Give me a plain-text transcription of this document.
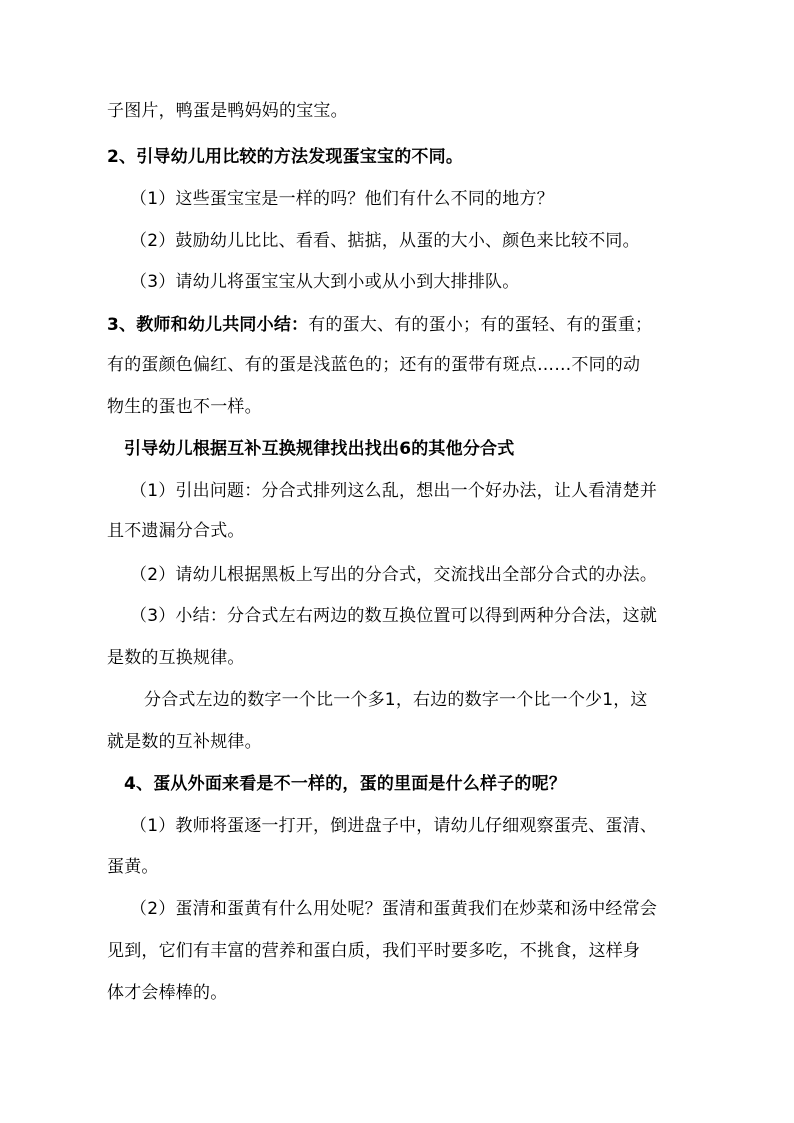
子图片，鸭蛋是鸭妈妈的宝宝。
2、引导幼儿用比较的方法发现蛋宝宝的不同。
（1）这些蛋宝宝是一样的吗？他们有什么不同的地方？
（2）鼓励幼儿比比、看看、掂掂，从蛋的大小、颜色来比较不同。
（3）请幼儿将蛋宝宝从大到小或从小到大排排队。
3、教师和幼儿共同小结：有的蛋大、有的蛋小；有的蛋轻、有的蛋重；
有的蛋颜色偏红、有的蛋是浅蓝色的；还有的蛋带有斑点……不同的动
物生的蛋也不一样。
引导幼儿根据互补互换规律找出找出6的其他分合式
（1）引出问题：分合式排列这么乱，想出一个好办法，让人看清楚并
且不遗漏分合式。
（2）请幼儿根据黑板上写出的分合式，交流找出全部分合式的办法。
（3）小结：分合式左右两边的数互换位置可以得到两种分合法，这就
是数的互换规律。
分合式左边的数字一个比一个多1，右边的数字一个比一个少1，这
就是数的互补规律。
4、蛋从外面来看是不一样的，蛋的里面是什么样子的呢？
（1）教师将蛋逐一打开，倒进盘子中，请幼儿仔细观察蛋壳、蛋清、
蛋黄。
（2）蛋清和蛋黄有什么用处呢？蛋清和蛋黄我们在炒菜和汤中经常会
见到，它们有丰富的营养和蛋白质，我们平时要多吃，不挑食，这样身
体才会棒棒的。
